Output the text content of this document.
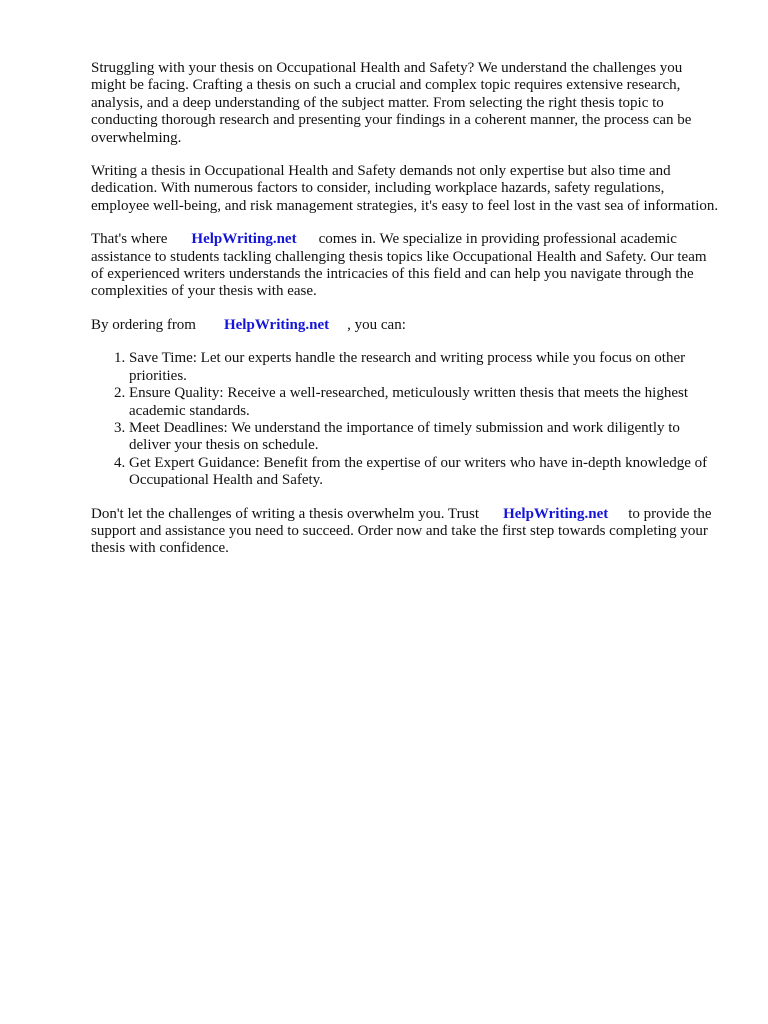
Struggling with your thesis on Occupational Health and Safety? We understand the challenges you might be facing. Crafting a thesis on such a crucial and complex topic requires extensive research, analysis, and a deep understanding of the subject matter. From selecting the right thesis topic to conducting thorough research and presenting your findings in a coherent manner, the process can be overwhelming.

Writing a thesis in Occupational Health and Safety demands not only expertise but also time and dedication. With numerous factors to consider, including workplace hazards, safety regulations, employee well-being, and risk management strategies, it's easy to feel lost in the vast sea of information.

That's where HelpWriting.net comes in. We specialize in providing professional academic assistance to students tackling challenging thesis topics like Occupational Health and Safety. Our team of experienced writers understands the intricacies of this field and can help you navigate through the complexities of your thesis with ease.

By ordering from HelpWriting.net , you can:

1. Save Time: Let our experts handle the research and writing process while you focus on other priorities.
2. Ensure Quality: Receive a well-researched, meticulously written thesis that meets the highest academic standards.
3. Meet Deadlines: We understand the importance of timely submission and work diligently to deliver your thesis on schedule.
4. Get Expert Guidance: Benefit from the expertise of our writers who have in-depth knowledge of Occupational Health and Safety.

Don't let the challenges of writing a thesis overwhelm you. Trust HelpWriting.net to provide the support and assistance you need to succeed. Order now and take the first step towards completing your thesis with confidence.
